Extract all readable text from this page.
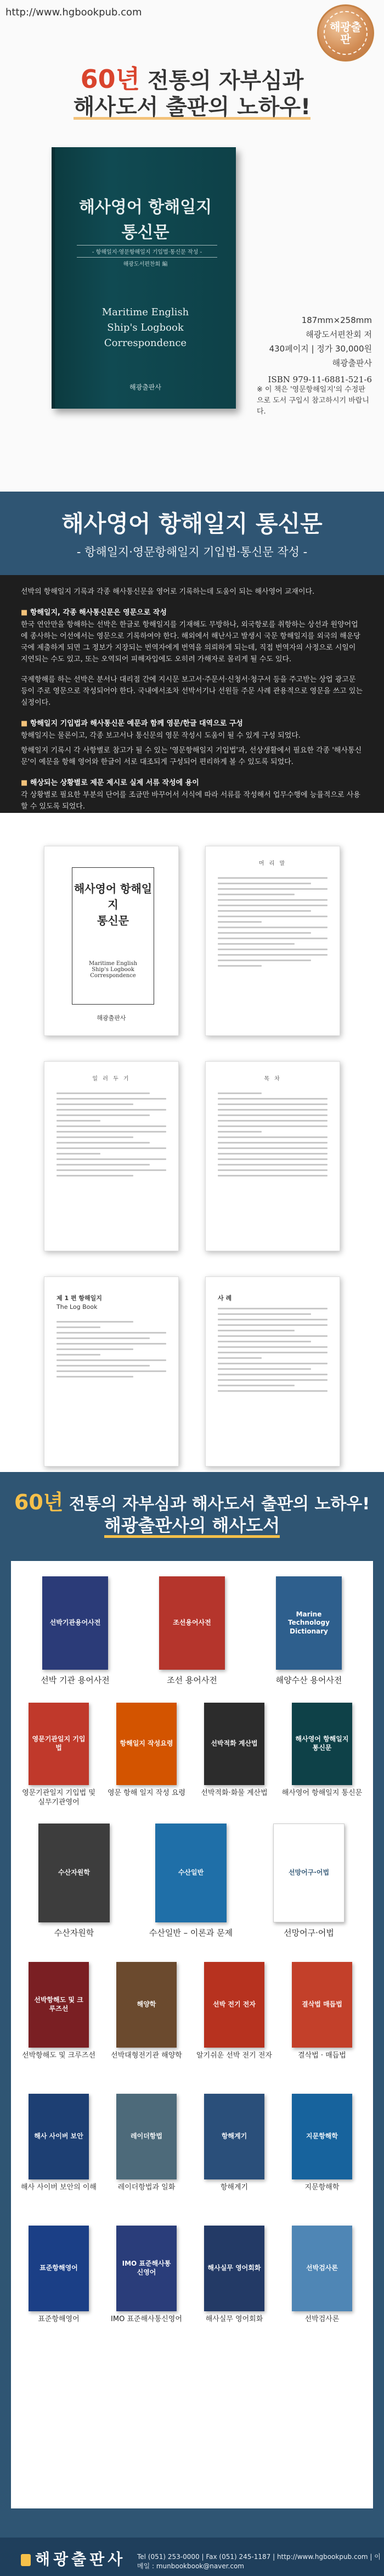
http://www.hgbookpub.com
해광출판
60년 전통의 자부심과
해사도서 출판의 노하우!
해사영어 항해일지
통신문
- 항해일지·영문항해일지 기입법·통신문 작성 -
해광도서편찬회 編
Maritime English
Ship's Logbook
Correspondence
해광출판사
187mm×258mm
해광도서편찬회 저
430페이지 | 정가 30,000원
해광출판사
ISBN 979-11-6881-521-6
※ 이 책은 '영문항해일지'의 수정판으로 도서 구입시 참고하시기 바랍니다.
해사영어 항해일지 통신문
- 항해일지·영문항해일지 기입법·통신문 작성 -

선박의 항해일지 기록과 각종 해사통신문을 영어로 기록하는데 도움이 되는 해사영어 교재이다.

■ 항해일지, 각종 해사통신문은 영문으로 작성

한국 연안만을 항해하는 선박은 한글로 항해일지를 기재해도 무방하나, 외국항로를 취항하는 상선과 원양어업에 종사하는 어선에서는 영문으로 기록하여야 한다. 해외에서 해난사고 발생시 국문 항해일지를 외국의 해운당국에 제출하게 되면 그 정보가 지장되는 번역자에게 번역을 의뢰하게 되는데, 직접 번역자의 사정으로 시일이 지연되는 수도 있고, 또는 오역되어 피해자입에도 오히려 가해자로 몰리게 될 수도 있다.

국제항해를 하는 선박은 분서나 대리점 간에 지시문 보고서·주문서·신청서·청구서 등을 주고받는 상업 광고문 등이 주로 영문으로 작성되어야 한다. 국내에서조차 선박서기나 선원들 주문 사례 관용적으로 영문을 쓰고 있는 실정이다.

■ 항해일지 기입법과 해사통신문 예문과 함께 영문/한글 대역으로 구성

항해일지는 물론이고, 각종 보고서나 통신문의 영문 작성시 도움이 될 수 있게 구성 되었다.

항해일지 기록시 각 사항별로 참고가 될 수 있는 '영문항해일지 기입법'과, 선상생활에서 필요한 각종 '해사통신문'이 예문을 항해 영어와 한글이 서로 대조되게 구성되어 편리하게 볼 수 있도록 되었다.

■ 해상되는 상황별로 제문 제시로 실제 서류 작성에 용이

각 상황별로 필요한 부분의 단어를 조금만 바꾸어서 서식에 따라 서류를 작성해서 업무수행에 능률적으로 사용 할 수 있도록 되었다.

해사영어 항해일지
통신문
Maritime English
Ship's Logbook
Correspondence
해광출판사
머 리 말
일 러 두 기	목 차
제 1 편 항해일지
The Log Book
사 례
60년 전통의 자부심과 해사도서 출판의 노하우!
해광출판사의 해사도서
선박기관용어사전
선박 기관 용어사전
조선용어사전
조선 용어사전
Marine Technology Dictionary
해양수산 용어사전
영문기관일지 기입법
영문기관일지 기입법 및 실무기관영어
항해일지 작성요령
영문 항해 일지 작성 요령
선박적화 계산법
선박적화·화물 계산법
해사영어 항해일지 통신문
해사영어 항해일지 통신문
수산자원학
수산자원학
수산일반
수산일반 – 이론과 문제
선망어구·어법
선망어구·어법
선박항해도 및 크루즈선
선박항해도 및 크루즈선
해양학
선박대형전기관 해양학
선박 전기 전자
알기쉬운 선박 전기 전자
결삭법 매듭법
결삭법 · 매듭법
해사 사이버 보안
해사 사이버 보안의 이해
레이더항법
레이더항법과 일화
항해계기
항해계기
지문항해학
지문항해학
표준항해영어
표준항해영어
IMO 표준해사통신영어
IMO 표준해사통신영어
해사실무 영어회화
해사실무 영어회화
선박검사론
선박검사론
해광출판사 Tel (051) 253-0000 | Fax (051) 245-1187 | http://www.hgbookpub.com | 이메일 : munbookbook@naver.com
